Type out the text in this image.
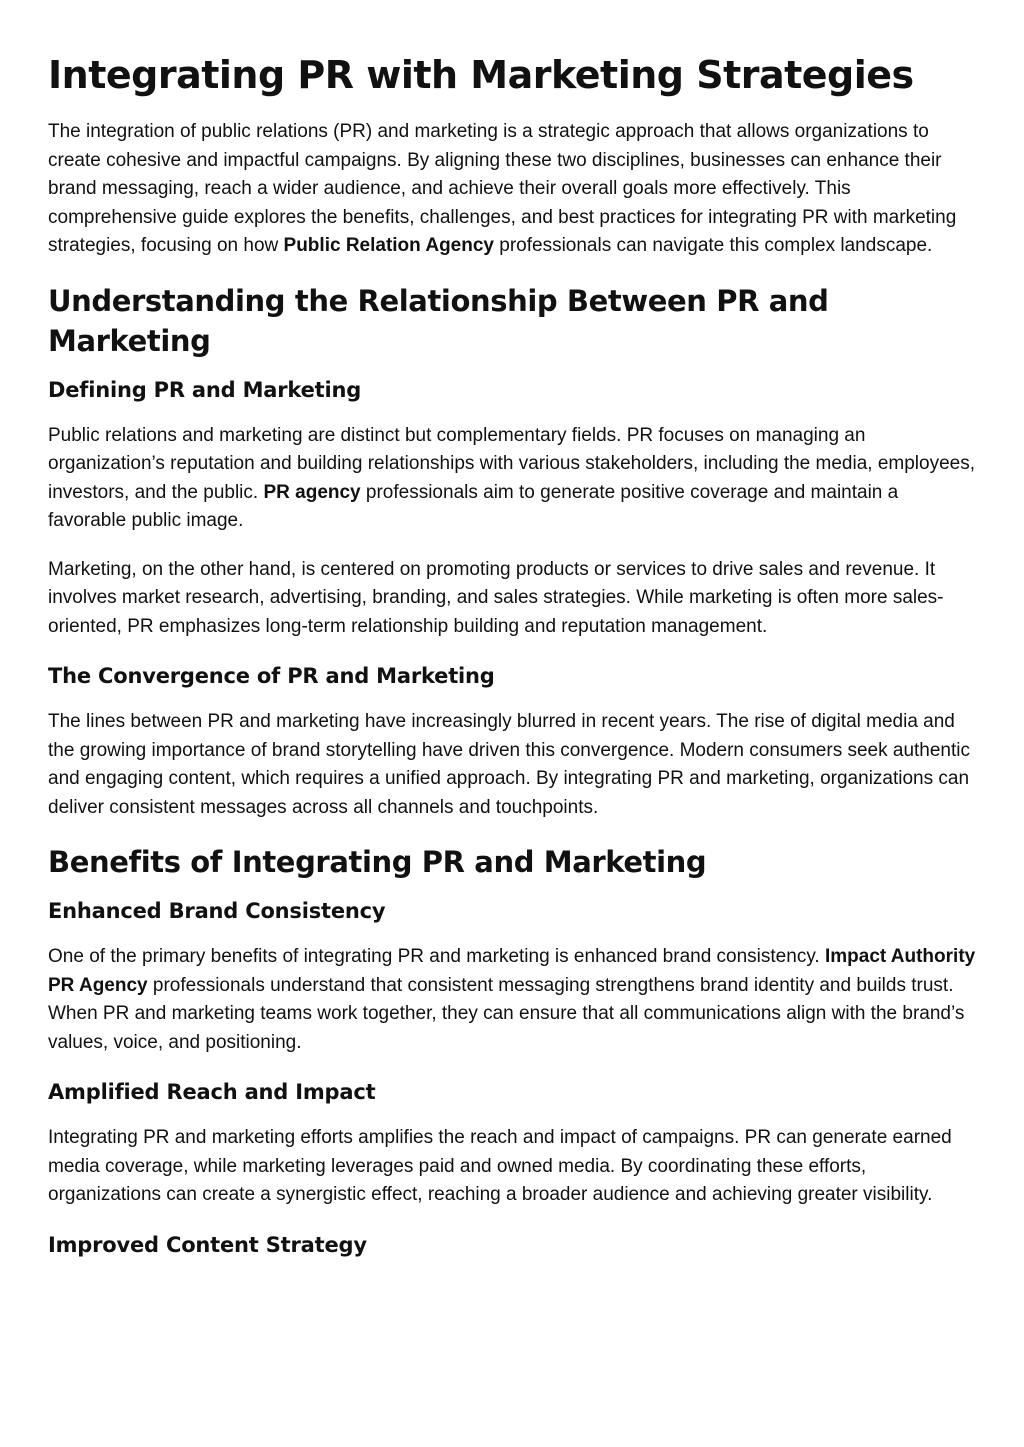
Integrating PR with Marketing Strategies

The integration of public relations (PR) and marketing is a strategic approach that allows organizations to create cohesive and impactful campaigns. By aligning these two disciplines, businesses can enhance their brand messaging, reach a wider audience, and achieve their overall goals more effectively. This comprehensive guide explores the benefits, challenges, and best practices for integrating PR with marketing strategies, focusing on how Public Relation Agency professionals can navigate this complex landscape.

Understanding the Relationship Between PR and Marketing
Defining PR and Marketing

Public relations and marketing are distinct but complementary fields. PR focuses on managing an organization’s reputation and building relationships with various stakeholders, including the media, employees, investors, and the public. PR agency professionals aim to generate positive coverage and maintain a favorable public image.

Marketing, on the other hand, is centered on promoting products or services to drive sales and revenue. It involves market research, advertising, branding, and sales strategies. While marketing is often more sales-oriented, PR emphasizes long-term relationship building and reputation management.

The Convergence of PR and Marketing

The lines between PR and marketing have increasingly blurred in recent years. The rise of digital media and the growing importance of brand storytelling have driven this convergence. Modern consumers seek authentic and engaging content, which requires a unified approach. By integrating PR and marketing, organizations can deliver consistent messages across all channels and touchpoints.

Benefits of Integrating PR and Marketing
Enhanced Brand Consistency

One of the primary benefits of integrating PR and marketing is enhanced brand consistency. Impact Authority PR Agency professionals understand that consistent messaging strengthens brand identity and builds trust. When PR and marketing teams work together, they can ensure that all communications align with the brand’s values, voice, and positioning.

Amplified Reach and Impact

Integrating PR and marketing efforts amplifies the reach and impact of campaigns. PR can generate earned media coverage, while marketing leverages paid and owned media. By coordinating these efforts, organizations can create a synergistic effect, reaching a broader audience and achieving greater visibility.

Improved Content Strategy
